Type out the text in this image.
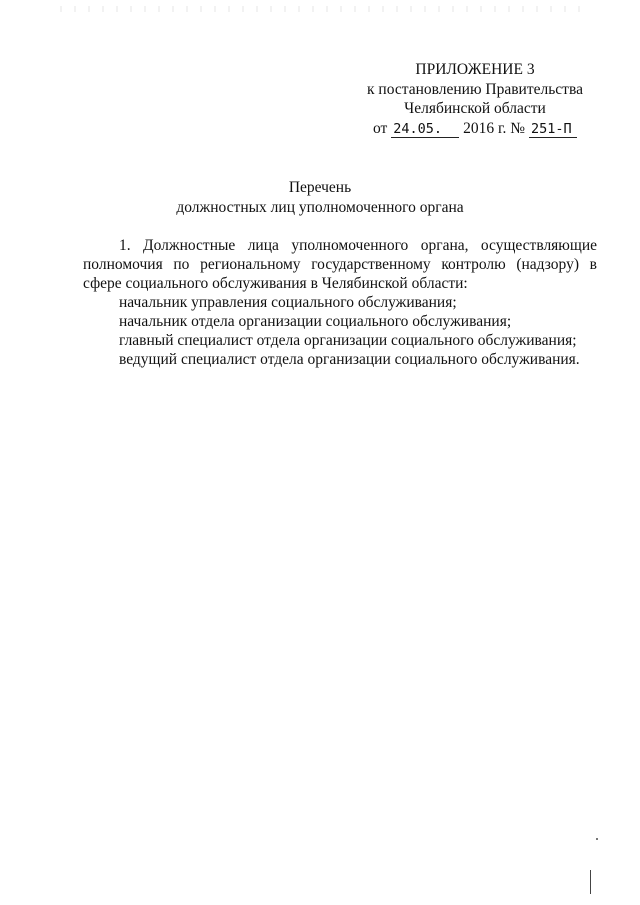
ПРИЛОЖЕНИЕ 3
к постановлению Правительства
Челябинской области
от 24.05. 2016 г. № 251-П
Перечень
должностных лиц уполномоченного органа

1. Должностные лица уполномоченного органа, осуществляющие полномочия по региональному государственному контролю (надзору) в сфере социального обслуживания в Челябинской области:

начальник управления социального обслуживания;
начальник отдела организации социального обслуживания;
главный специалист отдела организации социального обслуживания;
ведущий специалист отдела организации социального обслуживания.
